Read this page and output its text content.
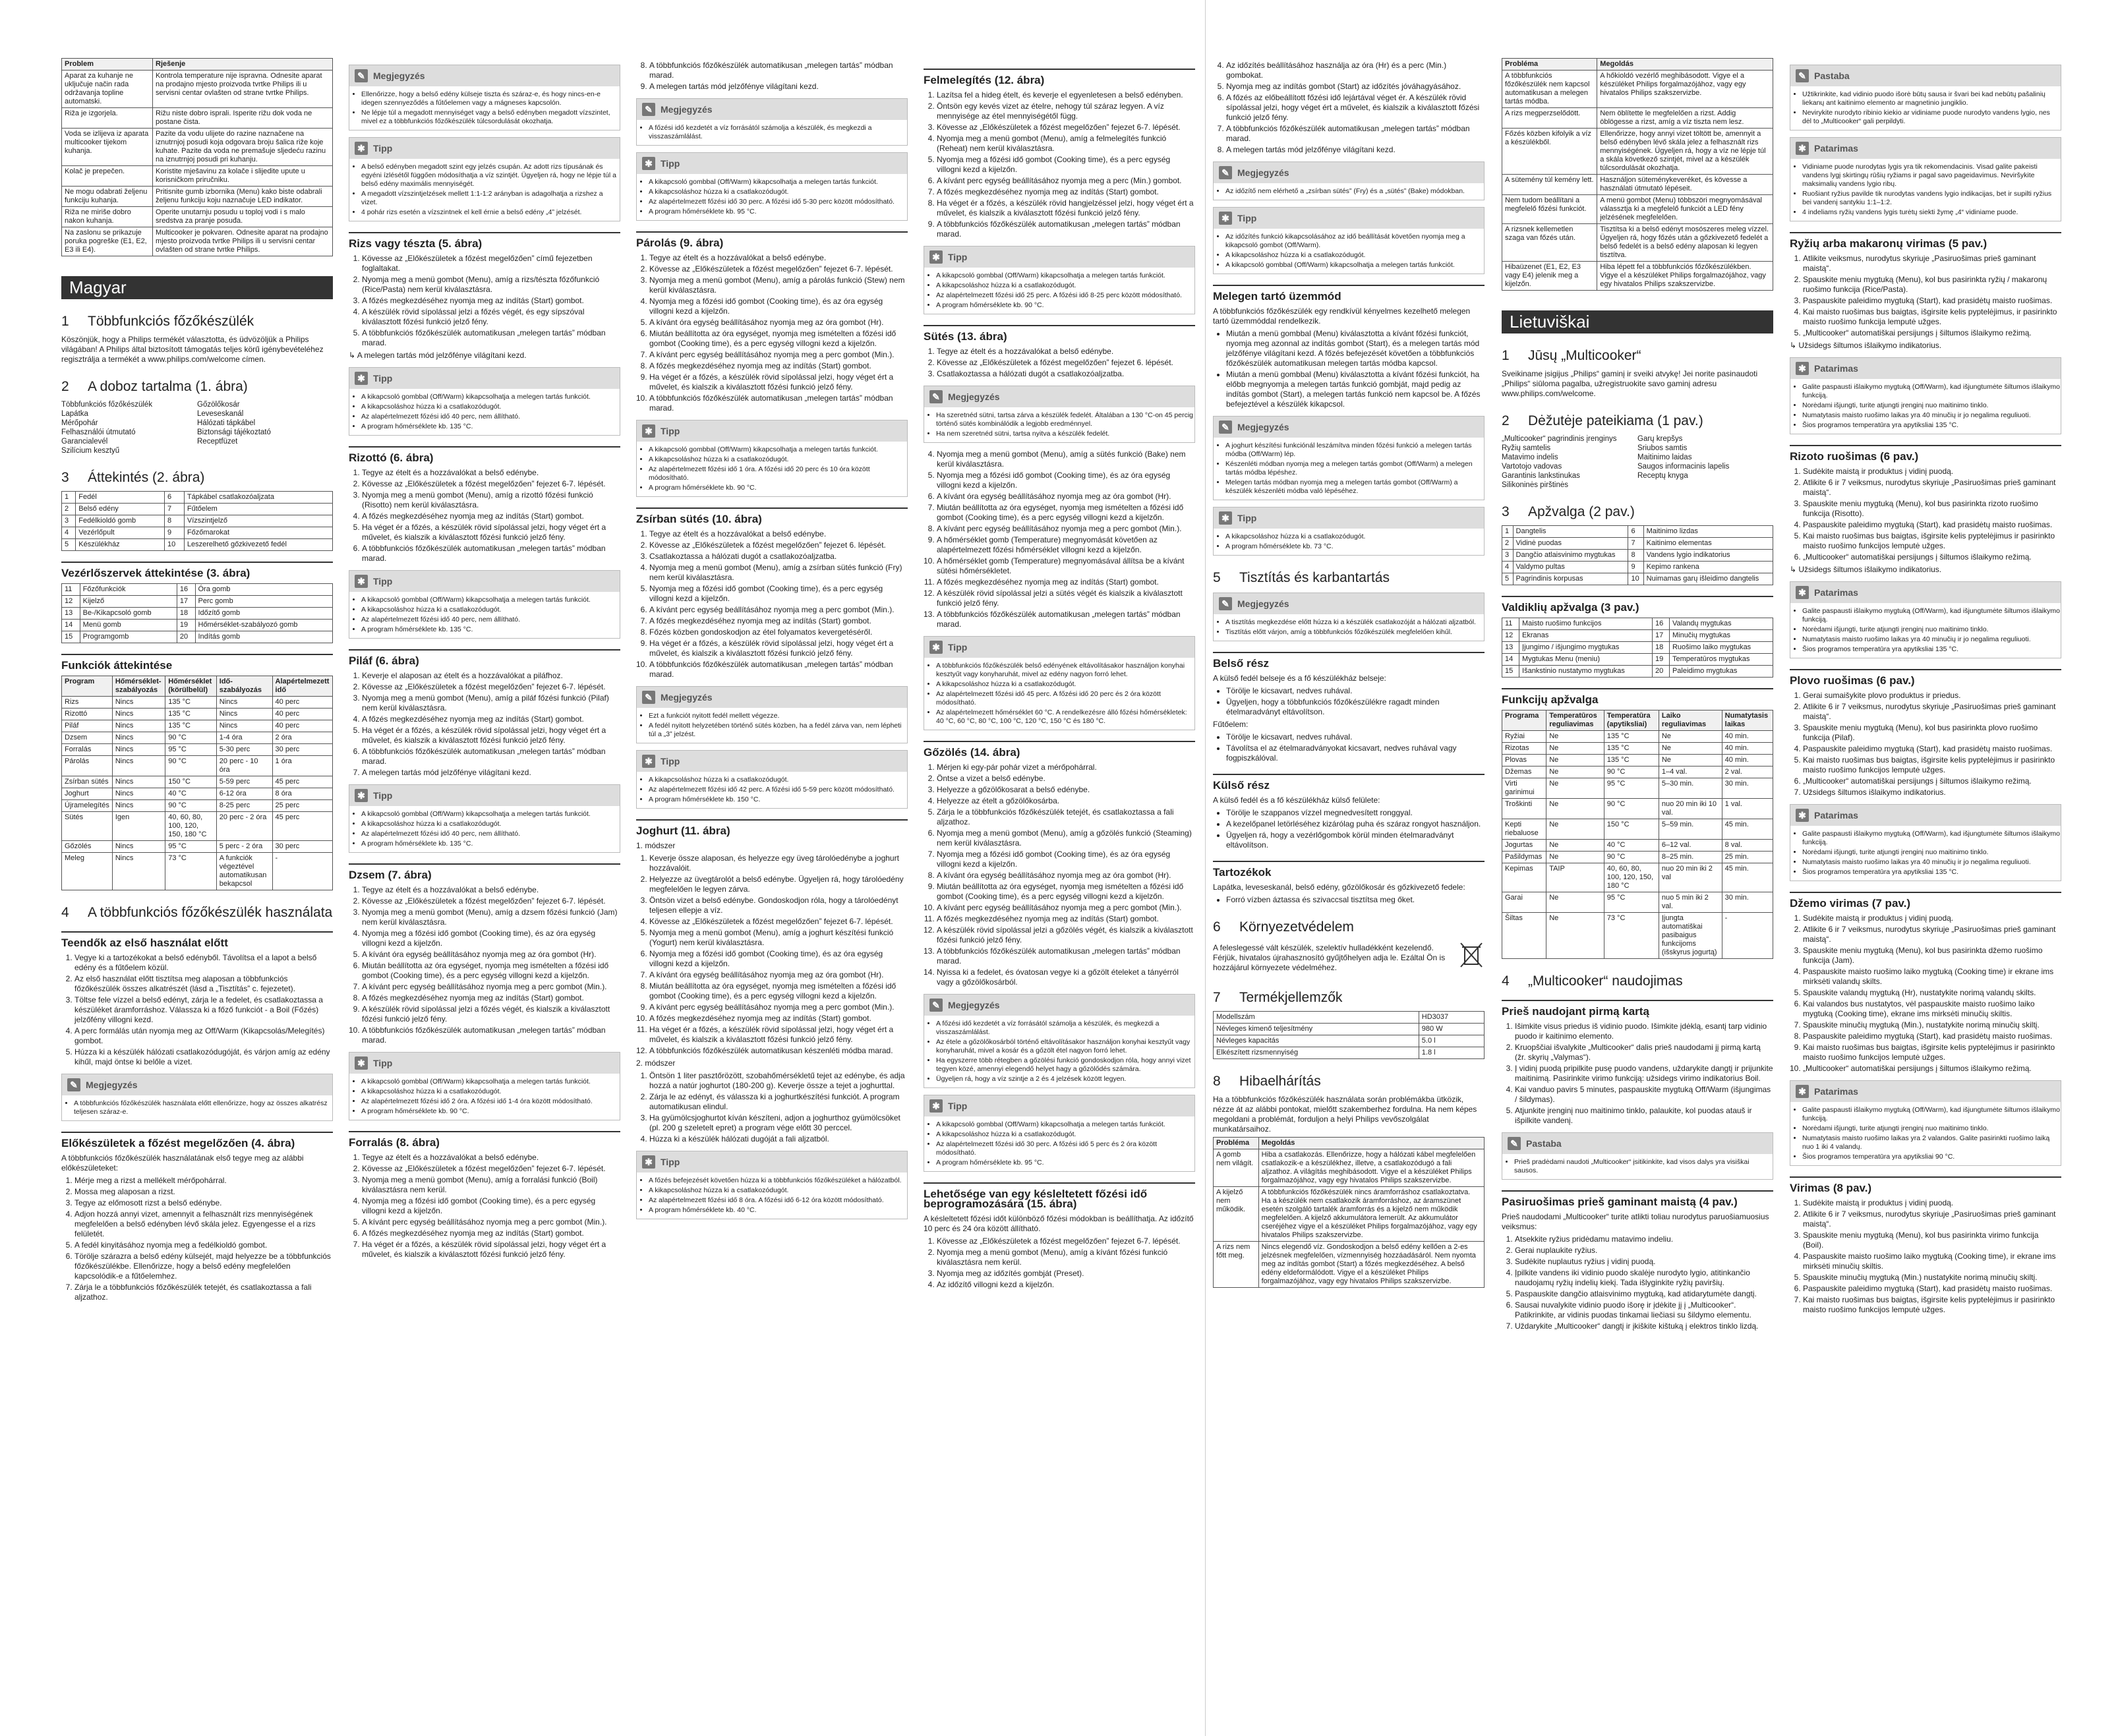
Problem	Rješenje
Aparat za kuhanje ne uključuje način rada održavanja topline automatski.	Kontrola temperature nije ispravna. Odnesite aparat na prodajno mjesto proizvoda tvrtke Philips ili u servisni centar ovlašten od strane tvrtke Philips.
Riža je izgorjela.	Rižu niste dobro isprali. Isperite rižu dok voda ne postane čista.
Voda se izlijeva iz aparata multicooker tijekom kuhanja.	Pazite da vodu ulijete do razine naznačene na iznutrnjoj posudi koja odgovara broju šalica riže koje kuhate. Pazite da voda ne premašuje sljedeću razinu na iznutrnjoj posudi pri kuhanju.
Kolač je prepečen.	Koristite mješavinu za kolače i slijedite upute u korisničkom priručniku.
Ne mogu odabrati željenu funkciju kuhanja.	Pritisnite gumb izbornika (Menu) kako biste odabrali željenu funkciju koju naznačuje LED indikator.
Riža ne miriše dobro nakon kuhanja.	Operite unutarnju posudu u toploj vodi i s malo sredstva za pranje posuđa.
Na zaslonu se prikazuje poruka pogreške (E1, E2, E3 ili E4).	Multicooker je pokvaren. Odnesite aparat na prodajno mjesto proizvoda tvrtke Philips ili u servisni centar ovlašten od strane tvrtke Philips.
Magyar
1 Többfunkciós főzőkészülék

Köszönjük, hogy a Philips termékét választotta, és üdvözöljük a Philips világában! A Philips által biztosított támogatás teljes körű igénybevételéhez regisztrálja a termékét a www.philips.com/welcome címen.

2 A doboz tartalma (1. ábra)
Többfunkciós főzőkészülék	Gőzölőkosár
Lapátka	Leveseskanál
Mérőpohár	Hálózati tápkábel
Felhasználói útmutató	Biztonsági tájékoztató
Garancialevél	Receptfüzet
Szilícium kesztyű
3 Áttekintés (2. ábra)
1	Fedél	6	Tápkábel csatlakozóaljzata
2	Belső edény	7	Fűtőelem
3	Fedélkioldó gomb	8	Vízszintjelző
4	Vezérlőpult	9	Főzőmarokat
5	Készülékház	10	Leszerelhető gőzkivezető fedél
Vezérlőszervek áttekintése (3. ábra)
11	Főzőfunkciók	16	Óra gomb
12	Kijelző	17	Perc gomb
13	Be-/Kikapcsoló gomb	18	Időzítő gomb
14	Menü gomb	19	Hőmérséklet-szabályozó gomb
15	Programgomb	20	Indítás gomb
Funkciók áttekintése
Program	Hőmérséklet-szabályozás	Hőmérséklet (körülbelül)	Idő-szabályozás	Alapértelmezett idő
Rizs	Nincs	135 °C	Nincs	40 perc
Rizottó	Nincs	135 °C	Nincs	40 perc
Piláf	Nincs	135 °C	Nincs	40 perc
Dzsem	Nincs	90 °C	1-4 óra	2 óra
Forralás	Nincs	95 °C	5-30 perc	30 perc
Párolás	Nincs	90 °C	20 perc - 10 óra	1 óra
Zsírban sütés	Nincs	150 °C	5-59 perc	45 perc
Joghurt	Nincs	40 °C	6-12 óra	8 óra
Újramelegítés	Nincs	90 °C	8-25 perc	25 perc
Sütés	Igen	40, 60, 80, 100, 120, 150, 180 °C	20 perc - 2 óra	45 perc
Gőzölés	Nincs	95 °C	5 perc - 2 óra	30 perc
Meleg	Nincs	73 °C	A funkciók végeztével automatikusan bekapcsol	-
4 A többfunkciós főzőkészülék használata
Teendők az első használat előtt
1. Vegye ki a tartozékokat a belső edényből. Távolítsa el a lapot a belső edény és a fűtőelem közül.
2. Az első használat előtt tisztítsa meg alaposan a többfunkciós főzőkészülék összes alkatrészét (lásd a „Tisztítás” c. fejezetet).
3. Töltse fele vízzel a belső edényt, zárja le a fedelet, és csatlakoztassa a készüléket áramforráshoz. Válassza ki a főző funkciót - a Boil (Főzés) jelzőfény villogni kezd.
4. A perc formálás után nyomja meg az Off/Warm (Kikapcsolás/Melegítés) gombot.
5. Húzza ki a készülék hálózati csatlakozódugóját, és várjon amíg az edény kihűl, majd öntse ki belőle a vizet.
✎ Megjegyzés
• A többfunkciós főzőkészülék használata előtt ellenőrizze, hogy az összes alkatrész teljesen száraz-e.
Előkészületek a főzést megelőzően (4. ábra)

A többfunkciós főzőkészülék használatának első tegye meg az alábbi előkészületeket:

1. Mérje meg a rizst a mellékelt mérőpohárral.
2. Mossa meg alaposan a rizst.
3. Tegye az előmosott rizst a belső edénybe.
4. Adjon hozzá annyi vizet, amennyit a felhasznált rizs mennyiségének megfelelően a belső edényben lévő skála jelez. Egyengesse el a rizs felületét.
5. A fedél kinyitásához nyomja meg a fedélkioldó gombot.
6. Törölje szárazra a belső edény külsejét, majd helyezze be a többfunkciós főzőkészülékbe. Ellenőrizze, hogy a belső edény megfelelően kapcsolódik-e a fűtőelemhez.
7. Zárja le a többfunkciós főzőkészülék tetejét, és csatlakoztassa a fali aljzathoz.
✎ Megjegyzés
• Ellenőrizze, hogy a belső edény külseje tiszta és száraz-e, és hogy nincs-en-e idegen szennyeződés a fűtőelemen vagy a mágneses kapcsolón.
• Ne lépje túl a megadott mennyiséget vagy a belső edényben megadott vízszintet, mivel ez a többfunkciós főzőkészülék túlcsordulását okozhatja.
✱ Tipp
• A belső edényben megadott szint egy jelzés csupán. Az adott rizs típusának és egyéni ízlésétől függően módosíthatja a víz szintjét. Ügyeljen rá, hogy ne lépje túl a belső edény maximális mennyiségét.
• A megadott vízszintjelzések mellett 1:1-1:2 arányban is adagolhatja a rizshez a vizet.
• 4 pohár rizs esetén a vízszintnek el kell érnie a belső edény „4” jelzését.
Rizs vagy tészta (5. ábra)
1. Kövesse az „Előkészületek a főzést megelőzően” című fejezetben foglaltakat.
2. Nyomja meg a menü gombot (Menu), amíg a rizs/tészta főzőfunkció (Rice/Pasta) nem kerül kiválasztásra.
3. A főzés megkezdéséhez nyomja meg az indítás (Start) gombot.
4. A készülék rövid sípolással jelzi a főzés végét, és egy sípszóval kiválasztott főzési funkció jelző fény.
5. A többfunkciós főzőkészülék automatikusan „melegen tartás” módban marad.

↳ A melegen tartás mód jelzőfénye világítani kezd.

✱ Tipp
• A kikapcsoló gombbal (Off/Warm) kikapcsolhatja a melegen tartás funkciót.
• A kikapcsoláshoz húzza ki a csatlakozódugót.
• Az alapértelmezett főzési idő 40 perc, nem állítható.
• A program hőmérséklete kb. 135 °C.
Rizottó (6. ábra)
1. Tegye az ételt és a hozzávalókat a belső edénybe.
2. Kövesse az „Előkészületek a főzést megelőzően” fejezet 6-7. lépését.
3. Nyomja meg a menü gombot (Menu), amíg a rizottó főzési funkció (Risotto) nem kerül kiválasztásra.
4. A főzés megkezdéséhez nyomja meg az indítás (Start) gombot.
5. Ha véget ér a főzés, a készülék rövid sípolással jelzi, hogy véget ért a művelet, és kialszik a kiválasztott főzési funkció jelző fény.
6. A többfunkciós főzőkészülék automatikusan „melegen tartás” módban marad.
✱ Tipp
• A kikapcsoló gombbal (Off/Warm) kikapcsolhatja a melegen tartás funkciót.
• A kikapcsoláshoz húzza ki a csatlakozódugót.
• Az alapértelmezett főzési idő 40 perc, nem állítható.
• A program hőmérséklete kb. 135 °C.
Piláf (6. ábra)
1. Keverje el alaposan az ételt és a hozzávalókat a piláfhoz.
2. Kövesse az „Előkészületek a főzést megelőzően” fejezet 6-7. lépését.
3. Nyomja meg a menü gombot (Menu), amíg a piláf főzési funkció (Pilaf) nem kerül kiválasztásra.
4. A főzés megkezdéséhez nyomja meg az indítás (Start) gombot.
5. Ha véget ér a főzés, a készülék rövid sípolással jelzi, hogy véget ért a művelet, és kialszik a kiválasztott főzési funkció jelző fény.
6. A többfunkciós főzőkészülék automatikusan „melegen tartás” módban marad.
7. A melegen tartás mód jelzőfénye világítani kezd.
✱ Tipp
• A kikapcsoló gombbal (Off/Warm) kikapcsolhatja a melegen tartás funkciót.
• A kikapcsoláshoz húzza ki a csatlakozódugót.
• Az alapértelmezett főzési idő 40 perc, nem állítható.
• A program hőmérséklete kb. 135 °C.
Dzsem (7. ábra)
1. Tegye az ételt és a hozzávalókat a belső edénybe.
2. Kövesse az „Előkészületek a főzést megelőzően” fejezet 6-7. lépését.
3. Nyomja meg a menü gombot (Menu), amíg a dzsem főzési funkció (Jam) nem kerül kiválasztásra.
4. Nyomja meg a főzési idő gombot (Cooking time), és az óra egység villogni kezd a kijelzőn.
5. A kívánt óra egység beállításához nyomja meg az óra gombot (Hr).
6. Miután beállította az óra egységet, nyomja meg ismételten a főzési idő gombot (Cooking time), és a perc egység villogni kezd a kijelzőn.
7. A kívánt perc egység beállításához nyomja meg a perc gombot (Min.).
8. A főzés megkezdéséhez nyomja meg az indítás (Start) gombot.
9. A készülék rövid sípolással jelzi a főzés végét, és kialszik a kiválasztott főzési funkció jelző fény.
10. A többfunkciós főzőkészülék automatikusan „melegen tartás” módban marad.
✱ Tipp
• A kikapcsoló gombbal (Off/Warm) kikapcsolhatja a melegen tartás funkciót.
• A kikapcsoláshoz húzza ki a csatlakozódugót.
• Az alapértelmezett főzési idő 2 óra. A főzési idő 1-4 óra között módosítható.
• A program hőmérséklete kb. 90 °C.
Forralás (8. ábra)
1. Tegye az ételt és a hozzávalókat a belső edénybe.
2. Kövesse az „Előkészületek a főzést megelőzően” fejezet 6-7. lépését.
3. Nyomja meg a menü gombot (Menu), amíg a forralási funkció (Boil) kiválasztásra nem kerül.
4. Nyomja meg a főzési idő gombot (Cooking time), és a perc egység villogni kezd a kijelzőn.
5. A kívánt perc egység beállításához nyomja meg a perc gombot (Min.).
6. A főzés megkezdéséhez nyomja meg az indítás (Start) gombot.
7. Ha véget ér a főzés, a készülék rövid sípolással jelzi, hogy véget ért a művelet, és kialszik a kiválasztott főzési funkció jelző fény.
8. A többfunkciós főzőkészülék automatikusan „melegen tartás” módban marad.
9. A melegen tartás mód jelzőfénye világítani kezd.
✎ Megjegyzés
• A főzési idő kezdetét a víz forrásától számolja a készülék, és megkezdi a visszaszámlálást.
✱ Tipp
• A kikapcsoló gombbal (Off/Warm) kikapcsolhatja a melegen tartás funkciót.
• A kikapcsoláshoz húzza ki a csatlakozódugót.
• Az alapértelmezett főzési idő 30 perc. A főzési idő 5-30 perc között módosítható.
• A program hőmérséklete kb. 95 °C.
Párolás (9. ábra)
1. Tegye az ételt és a hozzávalókat a belső edénybe.
2. Kövesse az „Előkészületek a főzést megelőzően” fejezet 6-7. lépését.
3. Nyomja meg a menü gombot (Menu), amíg a párolás funkció (Stew) nem kerül kiválasztásra.
4. Nyomja meg a főzési idő gombot (Cooking time), és az óra egység villogni kezd a kijelzőn.
5. A kívánt óra egység beállításához nyomja meg az óra gombot (Hr).
6. Miután beállította az óra egységet, nyomja meg ismételten a főzési idő gombot (Cooking time), és a perc egység villogni kezd a kijelzőn.
7. A kívánt perc egység beállításához nyomja meg a perc gombot (Min.).
8. A főzés megkezdéséhez nyomja meg az indítás (Start) gombot.
9. Ha véget ér a főzés, a készülék rövid sípolással jelzi, hogy véget ért a művelet, és kialszik a kiválasztott főzési funkció jelző fény.
10. A többfunkciós főzőkészülék automatikusan „melegen tartás” módban marad.
✱ Tipp
• A kikapcsoló gombbal (Off/Warm) kikapcsolhatja a melegen tartás funkciót.
• A kikapcsoláshoz húzza ki a csatlakozódugót.
• Az alapértelmezett főzési idő 1 óra. A főzési idő 20 perc és 10 óra között módosítható.
• A program hőmérséklete kb. 90 °C.
Zsírban sütés (10. ábra)
1. Tegye az ételt és a hozzávalókat a belső edénybe.
2. Kövesse az „Előkészületek a főzést megelőzően” fejezet 6. lépését.
3. Csatlakoztassa a hálózati dugót a csatlakozóaljzatba.
4. Nyomja meg a menü gombot (Menu), amíg a zsírban sütés funkció (Fry) nem kerül kiválasztásra.
5. Nyomja meg a főzési idő gombot (Cooking time), és a perc egység villogni kezd a kijelzőn.
6. A kívánt perc egység beállításához nyomja meg a perc gombot (Min.).
7. A főzés megkezdéséhez nyomja meg az indítás (Start) gombot.
8. Főzés közben gondoskodjon az étel folyamatos kevergetéséről.
9. Ha véget ér a főzés, a készülék rövid sípolással jelzi, hogy véget ért a művelet, és kialszik a kiválasztott főzési funkció jelző fény.
10. A többfunkciós főzőkészülék automatikusan „melegen tartás” módban marad.
✎ Megjegyzés
• Ezt a funkciót nyitott fedél mellett végezze.
• A fedél nyitott helyzetében történő sütés közben, ha a fedél zárva van, nem lépheti túl a „3” jelzést.
✱ Tipp
• A kikapcsoláshoz húzza ki a csatlakozódugót.
• Az alapértelmezett főzési idő 42 perc. A főzési idő 5-59 perc között módosítható.
• A program hőmérséklete kb. 150 °C.
Joghurt (11. ábra)

1. módszer

1. Keverje össze alaposan, és helyezze egy üveg tárolóedénybe a joghurt hozzávalóit.
2. Helyezze az üvegtárolót a belső edénybe. Ügyeljen rá, hogy tárolóedény megfelelően le legyen zárva.
3. Öntsön vizet a belső edénybe. Gondoskodjon róla, hogy a tárolóedényt teljesen ellepje a víz.
4. Kövesse az „Előkészületek a főzést megelőzően” fejezet 6-7. lépését.
5. Nyomja meg a menü gombot (Menu), amíg a joghurt készítési funkció (Yogurt) nem kerül kiválasztásra.
6. Nyomja meg a főzési idő gombot (Cooking time), és az óra egység villogni kezd a kijelzőn.
7. A kívánt óra egység beállításához nyomja meg az óra gombot (Hr).
8. Miután beállította az óra egységet, nyomja meg ismételten a főzési idő gombot (Cooking time), és a perc egység villogni kezd a kijelzőn.
9. A kívánt perc egység beállításához nyomja meg a perc gombot (Min.).
10. A főzés megkezdéséhez nyomja meg az indítás (Start) gombot.
11. Ha véget ér a főzés, a készülék rövid sípolással jelzi, hogy véget ért a művelet, és kialszik a kiválasztott főzési funkció jelző fény.
12. A többfunkciós főzőkészülék automatikusan készenléti módba marad.

2. módszer

1. Öntsön 1 liter pasztőrözött, szobahőmérsékletű tejet az edénybe, és adja hozzá a natúr joghurtot (180-200 g). Keverje össze a tejet a joghurttal.
2. Zárja le az edényt, és válassza ki a joghurtkészítési funkciót. A program automatikusan elindul.
3. Ha gyümölcsjoghurtot kíván készíteni, adjon a joghurthoz gyümölcsöket (pl. 200 g szeletelt epret) a program vége előtt 30 perccel.
4. Húzza ki a készülék hálózati dugóját a fali aljzatból.
✱ Tipp
• A főzés befejezését követően húzza ki a többfunkciós főzőkészüléket a hálózatból.
• A kikapcsoláshoz húzza ki a csatlakozódugót.
• Az alapértelmezett főzési idő 8 óra. A főzési idő 6-12 óra között módosítható.
• A program hőmérséklete kb. 40 °C.
Felmelegítés (12. ábra)
1. Lazítsa fel a hideg ételt, és keverje el egyenletesen a belső edényben.
2. Öntsön egy kevés vizet az ételre, nehogy túl száraz legyen. A víz mennyisége az étel mennyiségétől függ.
3. Kövesse az „Előkészületek a főzést megelőzően” fejezet 6-7. lépését.
4. Nyomja meg a menü gombot (Menu), amíg a felmelegítés funkció (Reheat) nem kerül kiválasztásra.
5. Nyomja meg a főzési idő gombot (Cooking time), és a perc egység villogni kezd a kijelzőn.
6. A kívánt perc egység beállításához nyomja meg a perc (Min.) gombot.
7. A főzés megkezdéséhez nyomja meg az indítás (Start) gombot.
8. Ha véget ér a főzés, a készülék rövid hangjelzéssel jelzi, hogy véget ért a művelet, és kialszik a kiválasztott főzési funkció jelző fény.
9. A többfunkciós főzőkészülék automatikusan „melegen tartás” módban marad.
✱ Tipp
• A kikapcsoló gombbal (Off/Warm) kikapcsolhatja a melegen tartás funkciót.
• A kikapcsoláshoz húzza ki a csatlakozódugót.
• Az alapértelmezett főzési idő 25 perc. A főzési idő 8-25 perc között módosítható.
• A program hőmérséklete kb. 90 °C.
Sütés (13. ábra)
1. Tegye az ételt és a hozzávalókat a belső edénybe.
2. Kövesse az „Előkészületek a főzést megelőzően” fejezet 6. lépését.
3. Csatlakoztassa a hálózati dugót a csatlakozóaljzatba.
✎ Megjegyzés
• Ha szeretnéd sütni, tartsa zárva a készülék fedelét. Általában a 130 °C-on 45 percig történő sütés kombinálódik a legjobb eredménnyel.
• Ha nem szeretnéd sütni, tartsa nyitva a készülék fedelét.
4. Nyomja meg a menü gombot (Menu), amíg a sütés funkció (Bake) nem kerül kiválasztásra.
5. Nyomja meg a főzési idő gombot (Cooking time), és az óra egység villogni kezd a kijelzőn.
6. A kívánt óra egység beállításához nyomja meg az óra gombot (Hr).
7. Miután beállította az óra egységet, nyomja meg ismételten a főzési idő gombot (Cooking time), és a perc egység villogni kezd a kijelzőn.
8. A kívánt perc egység beállításához nyomja meg a perc gombot (Min.).
9. A hőmérséklet gomb (Temperature) megnyomását követően az alapértelmezett főzési hőmérséklet villogni kezd a kijelzőn.
10. A hőmérséklet gomb (Temperature) megnyomásával állítsa be a kívánt sütési hőmérsékletet.
11. A főzés megkezdéséhez nyomja meg az indítás (Start) gombot.
12. A készülék rövid sípolással jelzi a sütés végét és kialszik a kiválasztott funkció jelző fény.
13. A többfunkciós főzőkészülék automatikusan „melegen tartás” módban marad.
✱ Tipp
• A többfunkciós főzőkészülék belső edényének eltávolításakor használjon konyhai kesztyűt vagy konyharuhát, mivel az edény nagyon forró lehet.
• A kikapcsoláshoz húzza ki a csatlakozódugót.
• Az alapértelmezett főzési idő 45 perc. A főzési idő 20 perc és 2 óra között módosítható.
• Az alapértelmezett hőmérséklet 60 °C. A rendelkezésre álló főzési hőmérsékletek: 40 °C, 60 °C, 80 °C, 100 °C, 120 °C, 150 °C és 180 °C.
Gőzölés (14. ábra)
1. Mérjen ki egy-pár pohár vizet a mérőpohárral.
2. Öntse a vizet a belső edénybe.
3. Helyezze a gőzölőkosarat a belső edénybe.
4. Helyezze az ételt a gőzölőkosárba.
5. Zárja le a többfunkciós főzőkészülék tetejét, és csatlakoztassa a fali aljzathoz.
6. Nyomja meg a menü gombot (Menu), amíg a gőzölés funkció (Steaming) nem kerül kiválasztásra.
7. Nyomja meg a főzési idő gombot (Cooking time), és az óra egység villogni kezd a kijelzőn.
8. A kívánt óra egység beállításához nyomja meg az óra gombot (Hr).
9. Miután beállította az óra egységet, nyomja meg ismételten a főzési idő gombot (Cooking time), és a perc egység villogni kezd a kijelzőn.
10. A kívánt perc egység beállításához nyomja meg a perc gombot (Min.).
11. A főzés megkezdéséhez nyomja meg az indítás (Start) gombot.
12. A készülék rövid sípolással jelzi a gőzölés végét, és kialszik a kiválasztott főzési funkció jelző fény.
13. A többfunkciós főzőkészülék automatikusan „melegen tartás” módban marad.
14. Nyissa ki a fedelet, és óvatosan vegye ki a gőzölt ételeket a tányérról vagy a gőzölőkosárból.
✎ Megjegyzés
• A főzési idő kezdetét a víz forrásától számolja a készülék, és megkezdi a visszaszámlálást.
• Az étele a gőzölőkosárból történő eltávolításakor használjon konyhai kesztyűt vagy konyharuhát, mivel a kosár és a gőzölt étel nagyon forró lehet.
• Ha egyszerre több rétegben a gőzölési funkció gondoskodjon róla, hogy annyi vizet tegyen közé, amennyi elegendő helyet hagy a gőzölődés számára.
• Ügyeljen rá, hogy a víz szintje a 2 és 4 jelzések között legyen.
✱ Tipp
• A kikapcsoló gombbal (Off/Warm) kikapcsolhatja a melegen tartás funkciót.
• A kikapcsoláshoz húzza ki a csatlakozódugót.
• Az alapértelmezett főzési idő 30 perc. A főzési idő 5 perc és 2 óra között módosítható.
• A program hőmérséklete kb. 95 °C.
Lehetősége van egy késleltetett főzési idő beprogramozására (15. ábra)

A késleltetett főzési időt különböző főzési módokban is beállíthatja. Az időzítő 10 perc és 24 óra között állítható.

1. Kövesse az „Előkészületek a főzést megelőzően” fejezet 6-7. lépését.
2. Nyomja meg a menü gombot (Menu), amíg a kívánt főzési funkció kiválasztásra nem kerül.
3. Nyomja meg az időzítés gombját (Preset).
4. Az időzítő villogni kezd a kijelzőn.
4. Az időzítés beállításához használja az óra (Hr) és a perc (Min.) gombokat.
5. Nyomja meg az indítás gombot (Start) az időzítés jóváhagyásához.
6. A főzés az előbeállított főzési idő lejártával véget ér. A készülék rövid sípolással jelzi, hogy véget ért a művelet, és kialszik a kiválasztott főzési funkció jelző fény.
7. A többfunkciós főzőkészülék automatikusan „melegen tartás” módban marad.
8. A melegen tartás mód jelzőfénye világítani kezd.
✎ Megjegyzés
• Az időzítő nem elérhető a „zsírban sütés” (Fry) és a „sütés” (Bake) módokban.
✱ Tipp
• Az időzítés funkció kikapcsolásához az idő beállítását követően nyomja meg a kikapcsoló gombot (Off/Warm).
• A kikapcsoláshoz húzza ki a csatlakozódugót.
• A kikapcsoló gombbal (Off/Warm) kikapcsolhatja a melegen tartás funkciót.
Melegen tartó üzemmód

A többfunkciós főzőkészülék egy rendkívül kényelmes kezelhető melegen tartó üzemmóddal rendelkezik.

• Miután a menü gombbal (Menu) kiválasztotta a kívánt főzési funkciót, nyomja meg azonnal az indítás gombot (Start), és a melegen tartás mód jelzőfénye világítani kezd. A főzés befejezését követően a többfunkciós főzőkészülék automatikusan melegen tartás módba kapcsol.
• Miután a menü gombbal (Menu) kiválasztotta a kívánt főzési funkciót, ha előbb megnyomja a melegen tartás funkció gombját, majd pedig az indítás gombot (Start), a melegen tartás funkció nem kapcsol be. A főzés befejeztével a készülék kikapcsol.
✎ Megjegyzés
• A joghurt készítési funkciónál leszámítva minden főzési funkció a melegen tartás módba (Off/Warm) lép.
• Készenléti módban nyomja meg a melegen tartás gombot (Off/Warm) a melegen tartás módba lépéshez.
• Melegen tartás módban nyomja meg a melegen tartás gombot (Off/Warm) a készülék készenléti módba való lépéséhez.
✱ Tipp
• A kikapcsoláshoz húzza ki a csatlakozódugót.
• A program hőmérséklete kb. 73 °C.
5 Tisztítás és karbantartás
✎ Megjegyzés
• A tisztítás megkezdése előtt húzza ki a készülék csatlakozóját a hálózati aljzatból.
• Tisztítás előtt várjon, amíg a többfunkciós főzőkészülék megfelelően kihűl.
Belső rész

A külső fedél belseje és a fő készülékház belseje:

• Törölje le kicsavart, nedves ruhával.
• Ügyeljen, hogy a többfunkciós főzőkészülékre ragadt minden ételmaradványt eltávolítson.

Fűtőelem:

• Törölje le kicsavart, nedves ruhával.
• Távolítsa el az ételmaradványokat kicsavart, nedves ruhával vagy fogpiszkálóval.
Külső rész

A külső fedél és a fő készülékház külső felülete:

• Törölje le szappanos vízzel megnedvesített ronggyal.
• A kezelőpanel letörléséhez kizárólag puha és száraz rongyot használjon.
• Ügyeljen rá, hogy a vezérlőgombok körül minden ételmaradványt eltávolítson.
Tartozékok

Lapátka, leveseskanál, belső edény, gőzölőkosár és gőzkivezető fedele:

• Forró vízben áztassa és szivaccsal tisztítsa meg őket.
6 Környezetvédelem

A feleslegessé vált készülék, szelektív hulladékként kezelendő. Férjük, hivatalos újrahasznosító gyűjtőhelyen adja le. Ezáltal Ön is hozzájárul környezete védelméhez.

7 Termékjellemzők
Modellszám	HD3037
Névleges kimenő teljesítmény	980 W
Névleges kapacitás	5.0 l
Elkészített rizsmennyiség	1.8 l
8 Hibaelhárítás

Ha a többfunkciós főzőkészülék használata során problémákba ütközik, nézze át az alábbi pontokat, mielőtt szakemberhez fordulna. Ha nem képes megoldani a problémát, forduljon a helyi Philips vevőszolgálat munkatársaihoz.

Probléma	Megoldás
A gomb nem világít.	Hiba a csatlakozás. Ellenőrizze, hogy a hálózati kábel megfelelően csatlakozik-e a készülékhez, illetve, a csatlakozódugó a fali aljzathoz. A világítás meghibásodott. Vigye el a készüléket Philips forgalmazójához, vagy egy hivatalos Philips szakszervizbe.
A kijelző nem működik.	A többfunkciós főzőkészülék nincs áramforráshoz csatlakoztatva. Ha a készülék nem csatlakozik áramforráshoz, az áramszünet esetén szolgáló tartalék áramforrás és a kijelző nem működik megfelelően. A kijelző akkumulátora lemerült. Az akkumulátor cseréjéhez vigye el a készüléket Philips forgalmazójához, vagy egy hivatalos Philips szakszervizbe.
A rizs nem főtt meg.	Nincs elegendő víz. Gondoskodjon a belső edény kellően a 2-es jelzésnek megfelelően, vízmennyiség hozzáadásáról. Nem nyomta meg az indítás gombot (Start) a főzés megkezdéséhez. A belső edény eldeformálódott. Vigye el a készüléket Philips forgalmazójához, vagy egy hivatalos Philips szakszervizbe.
Probléma	Megoldás
A többfunkciós főzőkészülék nem kapcsol automatikusan a melegen tartás módba.	A hőkioldó vezérlő meghibásodott. Vigye el a készüléket Philips forgalmazójához, vagy egy hivatalos Philips szakszervizbe.
A rizs megperzselődött.	Nem öblítette le megfelelően a rizst. Addig öblögesse a rizst, amíg a víz tiszta nem lesz.
Főzés közben kifolyik a víz a készülékből.	Ellenőrizze, hogy annyi vizet töltött be, amennyit a belső edényben lévő skála jelez a felhasznált rizs mennyiségének. Ügyeljen rá, hogy a víz ne lépje túl a skála következő szintjét, mivel az a készülék túlcsordulását okozhatja.
A sütemény túl kemény lett.	Használjon süteménykeveréket, és kövesse a használati útmutató lépéseit.
Nem tudom beállítani a megfelelő főzési funkciót.	A menü gombot (Menu) többszöri megnyomásával válassztja ki a megfelelő funkciót a LED fény jelzésének megfelelően.
A rizsnek kellemetlen szaga van főzés után.	Tisztítsa ki a belső edényt mosószeres meleg vízzel. Ügyeljen rá, hogy főzés után a gőzkivezető fedelét a belső fedelét is a belső edény alaposan ki legyen tisztítva.
Hibaüzenet (E1, E2, E3 vagy E4) jelenik meg a kijelzőn.	Hiba lépett fel a többfunkciós főzőkészülékben. Vigye el a készüléket Philips forgalmazójához, vagy egy hivatalos Philips szakszervizbe.
Lietuviškai
1 Jūsų „Multicooker“

Sveikiname įsigijus „Philips“ gaminį ir sveiki atvykę! Jei norite pasinaudoti „Philips“ siūloma pagalba, užregistruokite savo gaminį adresu www.philips.com/welcome.

2 Dėžutėje pateikiama (1 pav.)
„Multicooker“ pagrindinis įrenginys	Garų krepšys
Ryžių samtelis	Sriubos samtis
Matavimo indelis	Maitinimo laidas
Vartotojo vadovas	Saugos informacinis lapelis
Garantinis lankstinukas	Receptų knyga
Silikoninės pirštinės
3 Apžvalga (2 pav.)
1	Dangtelis	6	Maitinimo lizdas
2	Vidinė puodas	7	Kaitinimo elementas
3	Dangčio atlaisvinimo mygtukas	8	Vandens lygio indikatorius
4	Valdymo pultas	9	Kepimo rankena
5	Pagrindinis korpusas	10	Nuimamas garų išleidimo dangtelis
Valdiklių apžvalga (3 pav.)
11	Maisto ruošimo funkcijos	16	Valandų mygtukas
12	Ekranas	17	Minučių mygtukas
13	Įjungimo / išjungimo mygtukas	18	Ruošimo laiko mygtukas
14	Mygtukas Menu (meniu)	19	Temperatūros mygtukas
15	Išankstinio nustatymo mygtukas	20	Paleidimo mygtukas
Funkcijų apžvalga
Programa	Temperatūros reguliavimas	Temperatūra (apytiksliai)	Laiko reguliavimas	Numatytasis laikas
Ryžiai	Ne	135 °C	Ne	40 min.
Rizotas	Ne	135 °C	Ne	40 min.
Plovas	Ne	135 °C	Ne	40 min.
Džemas	Ne	90 °C	1–4 val.	2 val.
Virti garinimui	Ne	95 °C	5–30 min.	30 min.
Troškinti	Ne	90 °C	nuo 20 min iki 10 val.	1 val.
Kepti riebaluose	Ne	150 °C	5–59 min.	45 min.
Jogurtas	Ne	40 °C	6–12 val.	8 val.
Pašildymas	Ne	90 °C	8–25 min.	25 min.
Kepimas	TAIP	40, 60, 80, 100, 120, 150, 180 °C	nuo 20 min iki 2 val	45 min.
Garai	Ne	95 °C	nuo 5 min iki 2 val.	30 min.
Šiltas	Ne	73 °C	Įjungta automatiškai pasibaigus funkcijoms (išskyrus jogurtą)	-
4 „Multicooker“ naudojimas
Prieš naudojant pirmą kartą
1. Išimkite visus priedus iš vidinio puodo. Išimkite įdėklą, esantį tarp vidinio puodo ir kaitinimo elemento.
2. Kruopščiai išvalykite „Multicooker“ dalis prieš naudodami jį pirmą kartą (žr. skyrių „Valymas“).
3. Į vidinį puodą pripilkite pusę puodo vandens, uždarykite dangtį ir prijunkite maitinimą. Pasirinkite virimo funkciją: užsidegs virimo indikatorius Boil.
4. Kai vanduo pavirs 5 minutes, paspauskite mygtuką Off/Warm (išjungimas / šildymas).
5. Atjunkite įrenginį nuo maitinimo tinklo, palaukite, kol puodas atauš ir išpilkite vandenį.
✎ Pastaba
• Prieš pradėdami naudoti „Multicooker“ įsitikinkite, kad visos dalys yra visiškai sausos.
Pasiruošimas prieš gaminant maistą (4 pav.)

Prieš naudodami „Multicooker“ turite atlikti toliau nurodytus paruošiamuosius veiksmus:

1. Atsekkite ryžius pridėdamu matavimo indeliu.
2. Gerai nuplaukite ryžius.
3. Sudėkite nuplautus ryžius į vidinį puodą.
4. Įpilkite vandens iki vidinio puodo skalėje nurodyto lygio, atitinkančio naudojamų ryžių indelių kiekį. Tada išlyginkite ryžių paviršių.
5. Paspauskite dangčio atlaisvinimo mygtuką, kad atidarytumėte dangtį.
6. Sausai nuvalykite vidinio puodo išorę ir įdėkite jį į „Multicooker“. Patikrinkite, ar vidinis puodas tinkamai liečiasi su šildymo elementu.
7. Uždarykite „Multicooker“ dangtį ir įkiškite kištuką į elektros tinklo lizdą.
✎ Pastaba
• Užtikrinkite, kad vidinio puodo išorė būtų sausa ir švari bei kad nebūtų pašalinių liekanų ant kaitinimo elemento ar magnetinio jungiklio.
• Nevirykite nurodyto ribinio kiekio ar vidiniame puode nurodyto vandens lygio, nes dėl to „Multicooker“ gali perpildyti.
✱ Patarimas
• Vidiniame puode nurodytas lygis yra tik rekomendacinis. Visad galite pakeisti vandens lygį skirtingų rūšių ryžiams ir pagal savo pageidavimus. Neviršykite maksimalių vandens lygio ribų.
• Ruošiant ryžius pavilde tik nurodytas vandens lygio indikacijas, bet ir supilti ryžius bei vandenį santykiu 1:1–1:2.
• 4 indeliams ryžių vandens lygis turėtų siekti žymę „4“ vidiniame puode.
Ryžių arba makaronų virimas (5 pav.)
1. Atlikite veiksmus, nurodytus skyriuje „Pasiruošimas prieš gaminant maistą“.
2. Spauskite meniu mygtuką (Menu), kol bus pasirinkta ryžių / makaronų ruošimo funkcija (Rice/Pasta).
3. Paspauskite paleidimo mygtuką (Start), kad prasidėtų maisto ruošimas.
4. Kai maisto ruošimas bus baigtas, išgirsite kelis pyptelėjimus, ir pasirinkto maisto ruošimo funkcija lemputė užges.
5. „Multicooker“ automatiškai persijungs į šiltumos išlaikymo režimą.

↳ Užsidegs šiltumos išlaikymo indikatorius.

✱ Patarimas
• Galite paspausti išlaikymo mygtuką (Off/Warm), kad išjungtumėte šiltumos išlaikymo funkciją.
• Norėdami išjungti, turite atjungti įrenginį nuo maitinimo tinklo.
• Numatytasis maisto ruošimo laikas yra 40 minučių ir jo negalima reguliuoti.
• Šios programos temperatūra yra apytiksliai 135 °C.
Rizoto ruošimas (6 pav.)
1. Sudėkite maistą ir produktus į vidinį puodą.
2. Atlikite 6 ir 7 veiksmus, nurodytus skyriuje „Pasiruošimas prieš gaminant maistą“.
3. Spauskite meniu mygtuką (Menu), kol bus pasirinkta rizoto ruošimo funkcija (Risotto).
4. Paspauskite paleidimo mygtuką (Start), kad prasidėtų maisto ruošimas.
5. Kai maisto ruošimas bus baigtas, išgirsite kelis pyptelėjimus ir pasirinkto maisto ruošimo funkcijos lemputė užges.
6. „Multicooker“ automatiškai persijungs į šiltumos išlaikymo režimą.

↳ Užsidegs šiltumos išlaikymo indikatorius.

✱ Patarimas
• Galite paspausti išlaikymo mygtuką (Off/Warm), kad išjungtumėte šiltumos išlaikymo funkciją.
• Norėdami išjungti, turite atjungti įrenginį nuo maitinimo tinklo.
• Numatytasis maisto ruošimo laikas yra 40 minučių ir jo negalima reguliuoti.
• Šios programos temperatūra yra apytiksliai 135 °C.
Plovo ruošimas (6 pav.)
1. Gerai sumaišykite plovo produktus ir priedus.
2. Atlikite 6 ir 7 veiksmus, nurodytus skyriuje „Pasiruošimas prieš gaminant maistą“.
3. Spauskite meniu mygtuką (Menu), kol bus pasirinkta plovo ruošimo funkcija (Pilaf).
4. Paspauskite paleidimo mygtuką (Start), kad prasidėtų maisto ruošimas.
5. Kai maisto ruošimas bus baigtas, išgirsite kelis pyptelėjimus ir pasirinkto maisto ruošimo funkcijos lemputė užges.
6. „Multicooker“ automatiškai persijungs į šiltumos išlaikymo režimą.
7. Užsidegs šiltumos išlaikymo indikatorius.
✱ Patarimas
• Galite paspausti išlaikymo mygtuką (Off/Warm), kad išjungtumėte šiltumos išlaikymo funkciją.
• Norėdami išjungti, turite atjungti įrenginį nuo maitinimo tinklo.
• Numatytasis maisto ruošimo laikas yra 40 minučių ir jo negalima reguliuoti.
• Šios programos temperatūra yra apytiksliai 135 °C.
Džemo virimas (7 pav.)
1. Sudėkite maistą ir produktus į vidinį puodą.
2. Atlikite 6 ir 7 veiksmus, nurodytus skyriuje „Pasiruošimas prieš gaminant maistą“.
3. Spauskite meniu mygtuką (Menu), kol bus pasirinkta džemo ruošimo funkcija (Jam).
4. Paspauskite maisto ruošimo laiko mygtuką (Cooking time) ir ekrane ims mirksėti valandų skilts.
5. Spauskite valandų mygtuką (Hr), nustatykite norimą valandų skilts.
6. Kai valandos bus nustatytos, vėl paspauskite maisto ruošimo laiko mygtuką (Cooking time), ekrane ims mirksėti minučių skiltis.
7. Spauskite minučių mygtuką (Min.), nustatykite norimą minučių skiltį.
8. Paspauskite paleidimo mygtuką (Start), kad prasidėtų maisto ruošimas.
9. Kai maisto ruošimas bus baigtas, išgirsite kelis pyptelėjimus ir pasirinkto maisto ruošimo funkcijos lemputė užges.
10. „Multicooker“ automatiškai persijungs į šiltumos išlaikymo režimą.
✱ Patarimas
• Galite paspausti išlaikymo mygtuką (Off/Warm), kad išjungtumėte šiltumos išlaikymo funkciją.
• Norėdami išjungti, turite atjungti įrenginį nuo maitinimo tinklo.
• Numatytasis maisto ruošimo laikas yra 2 valandos. Galite pasirinkti ruošimo laiką nuo 1 iki 4 valandų.
• Šios programos temperatūra yra apytiksliai 90 °C.
Virimas (8 pav.)
1. Sudėkite maistą ir produktus į vidinį puodą.
2. Atlikite 6 ir 7 veiksmus, nurodytus skyriuje „Pasiruošimas prieš gaminant maistą“.
3. Spauskite meniu mygtuką (Menu), kol bus pasirinkta virimo funkcija (Boil).
4. Paspauskite maisto ruošimo laiko mygtuką (Cooking time), ir ekrane ims mirksėti minučių skiltis.
5. Spauskite minučių mygtuką (Min.) nustatykite norimą minučių skiltį.
6. Paspauskite paleidimo mygtuką (Start), kad prasidėtų maisto ruošimas.
7. Kai maisto ruošimas bus baigtas, išgirsite kelis pyptelėjimus ir pasirinkto maisto ruošimo funkcijos lemputė užges.
